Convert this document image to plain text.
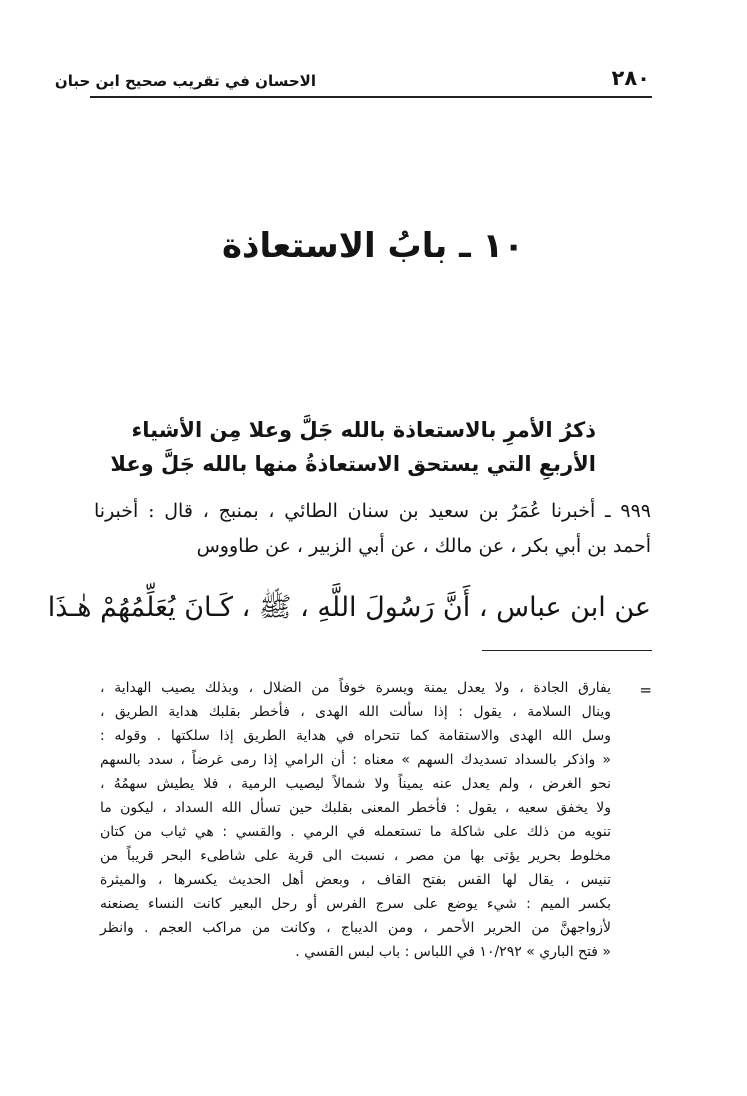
٢٨٠
الاحسان في تقريب صحيح ابن حبان
١٠ ـ بابُ الاستعاذة
ذكرُ الأمرِ بالاستعاذة بالله جَلَّ وعلا مِن الأشياء
الأربعِ التي يستحق الاستعاذةُ منها بالله جَلَّ وعلا
٩٩٩ ـ أخبرنا عُمَرُ بن سعيد بن سنان الطائي ، بمنبج ، قال : أخبرنا
أحمد بن أبي بكر ، عن مالك ، عن أبي الزبير ، عن طاووس
عن ابن عباس ، أَنَّ رَسُولَ اللَّهِ ، ﷺ ، كَـانَ يُعَلِّمُهُمْ هٰـذَا
=
يفارق الجادة ، ولا يعدل يمنة ويسرة خوفاً من الضلال ، وبذلك يصيب الهداية ،
وينال السلامة ، يقول : إذا سألت الله الهدى ، فأخطر بقلبك هداية الطريق ،
وسل الله الهدى والاستقامة كما تتحراه في هداية الطريق إذا سلكتها . وقوله :
« واذكر بالسداد تسديدك السهم » معناه : أن الرامي إذا رمى غرضاً ، سدد بالسهم
نحو الغرض ، ولم يعدل عنه يميناً ولا شمالاً ليصيب الرمية ، فلا يطيش سهمُهُ ،
ولا يخفق سعيه ، يقول : فأخطر المعنى بقلبك حين تسأل الله السداد ، ليكون ما
تنويه من ذلك على شاكلة ما تستعمله في الرمي . والقسي : هي ثياب من كتان
مخلوط بحرير يؤتى بها من مصر ، نسبت الى قرية على شاطىء البحر قريباً من
تنيس ، يقال لها القس بفتح القاف ، وبعض أهل الحديث يكسرها ، والميثرة
بكسر الميم : شيء يوضع على سرج الفرس أو رحل البعير كانت النساء يصنعنه
لأزواجهنَّ من الحرير الأحمر ، ومن الديباج ، وكانت من مراكب العجم . وانظر
« فتح الباري » ١٠/٢٩٢ في اللباس : باب لبس القسي .
